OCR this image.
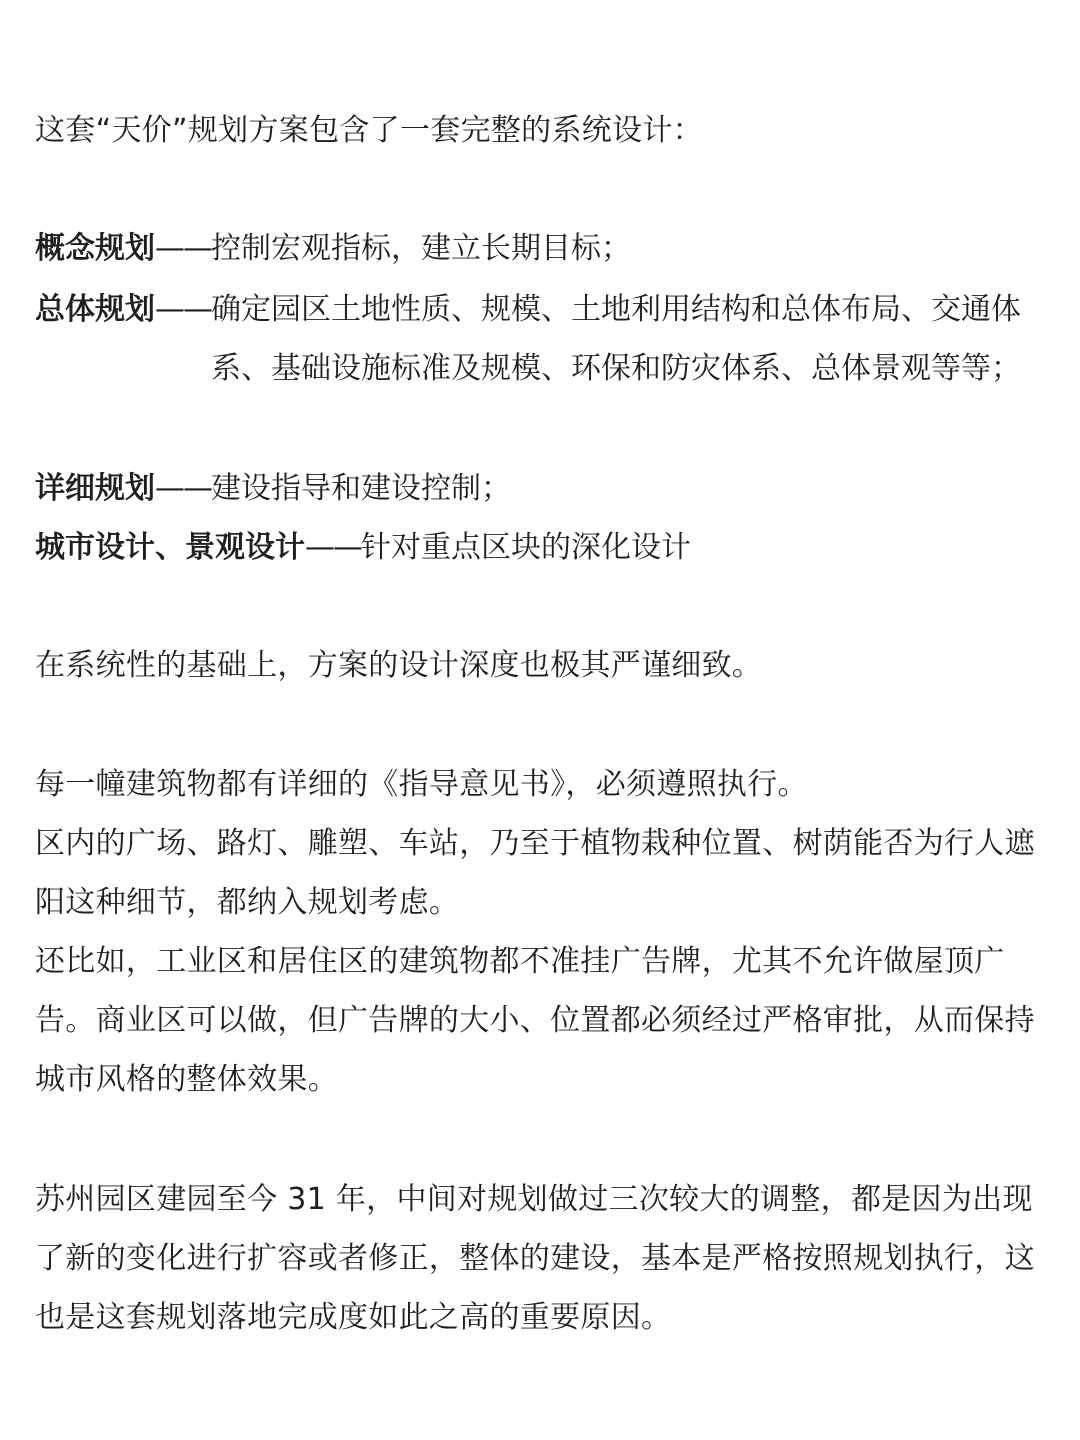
这套“天价”规划方案包含了一套完整的系统设计：

概念规划 —— 控制宏观指标，建立长期目标；
总体规划 —— 确定园区土地性质、规模、土地利用结构和总体布局、交通体系、基础设施标准及规模、环保和防灾体系、总体景观等等；
详细规划 —— 建设指导和建设控制；
城市设计、景观设计 —— 针对重点区块的深化设计

在系统性的基础上，方案的设计深度也极其严谨细致。

每一幢建筑物都有详细的《指导意见书》，必须遵照执行。

区内的广场、路灯、雕塑、车站，乃至于植物栽种位置、树荫能否为行人遮阳这种细节，都纳入规划考虑。

还比如，工业区和居住区的建筑物都不准挂广告牌，尤其不允许做屋顶广告。商业区可以做，但广告牌的大小、位置都必须经过严格审批，从而保持城市风格的整体效果。

苏州园区建园至今 31 年，中间对规划做过三次较大的调整，都是因为出现了新的变化进行扩容或者修正，整体的建设，基本是严格按照规划执行，这也是这套规划落地完成度如此之高的重要原因。
